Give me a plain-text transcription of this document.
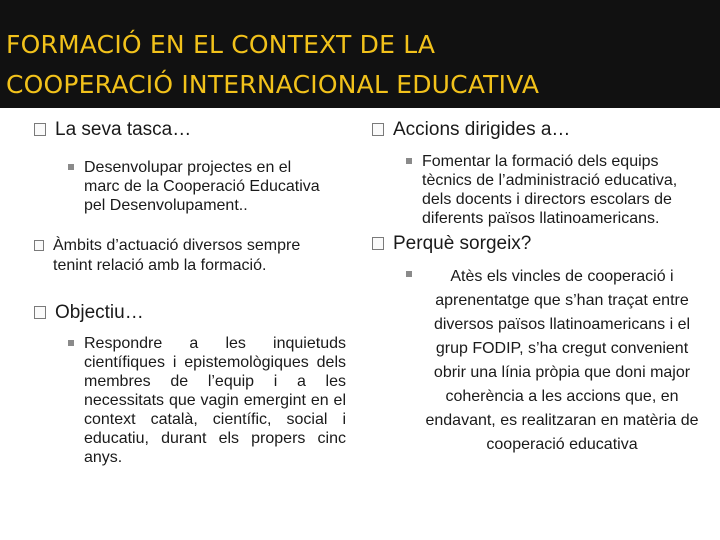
FORMACIÓ EN EL CONTEXT DE LA
COOPERACIÓ INTERNACIONAL EDUCATIVA
La seva tasca…
Desenvolupar projectes en el marc de la Cooperació Educativa pel Desenvolupament..
Àmbits d’actuació diversos sempre tenint relació amb la formació.
Objectiu…
Respondre a les inquietuds científiques i epistemològiques dels membres de l’equip i a les necessitats que vagin emergint en el context català, científic, social i educatiu, durant els propers cinc anys.
Accions dirigides a…
Fomentar la formació dels equips tècnics de l’administració educativa, dels docents i directors escolars de diferents països llatinoamericans.
Perquè sorgeix?
Atès els vincles de cooperació i aprenentatge que s’han traçat entre diversos països llatinoamericans i el grup FODIP, s’ha cregut convenient obrir una línia pròpia que doni major coherència a les accions que, en endavant, es realitzaran en matèria de cooperació educativa
